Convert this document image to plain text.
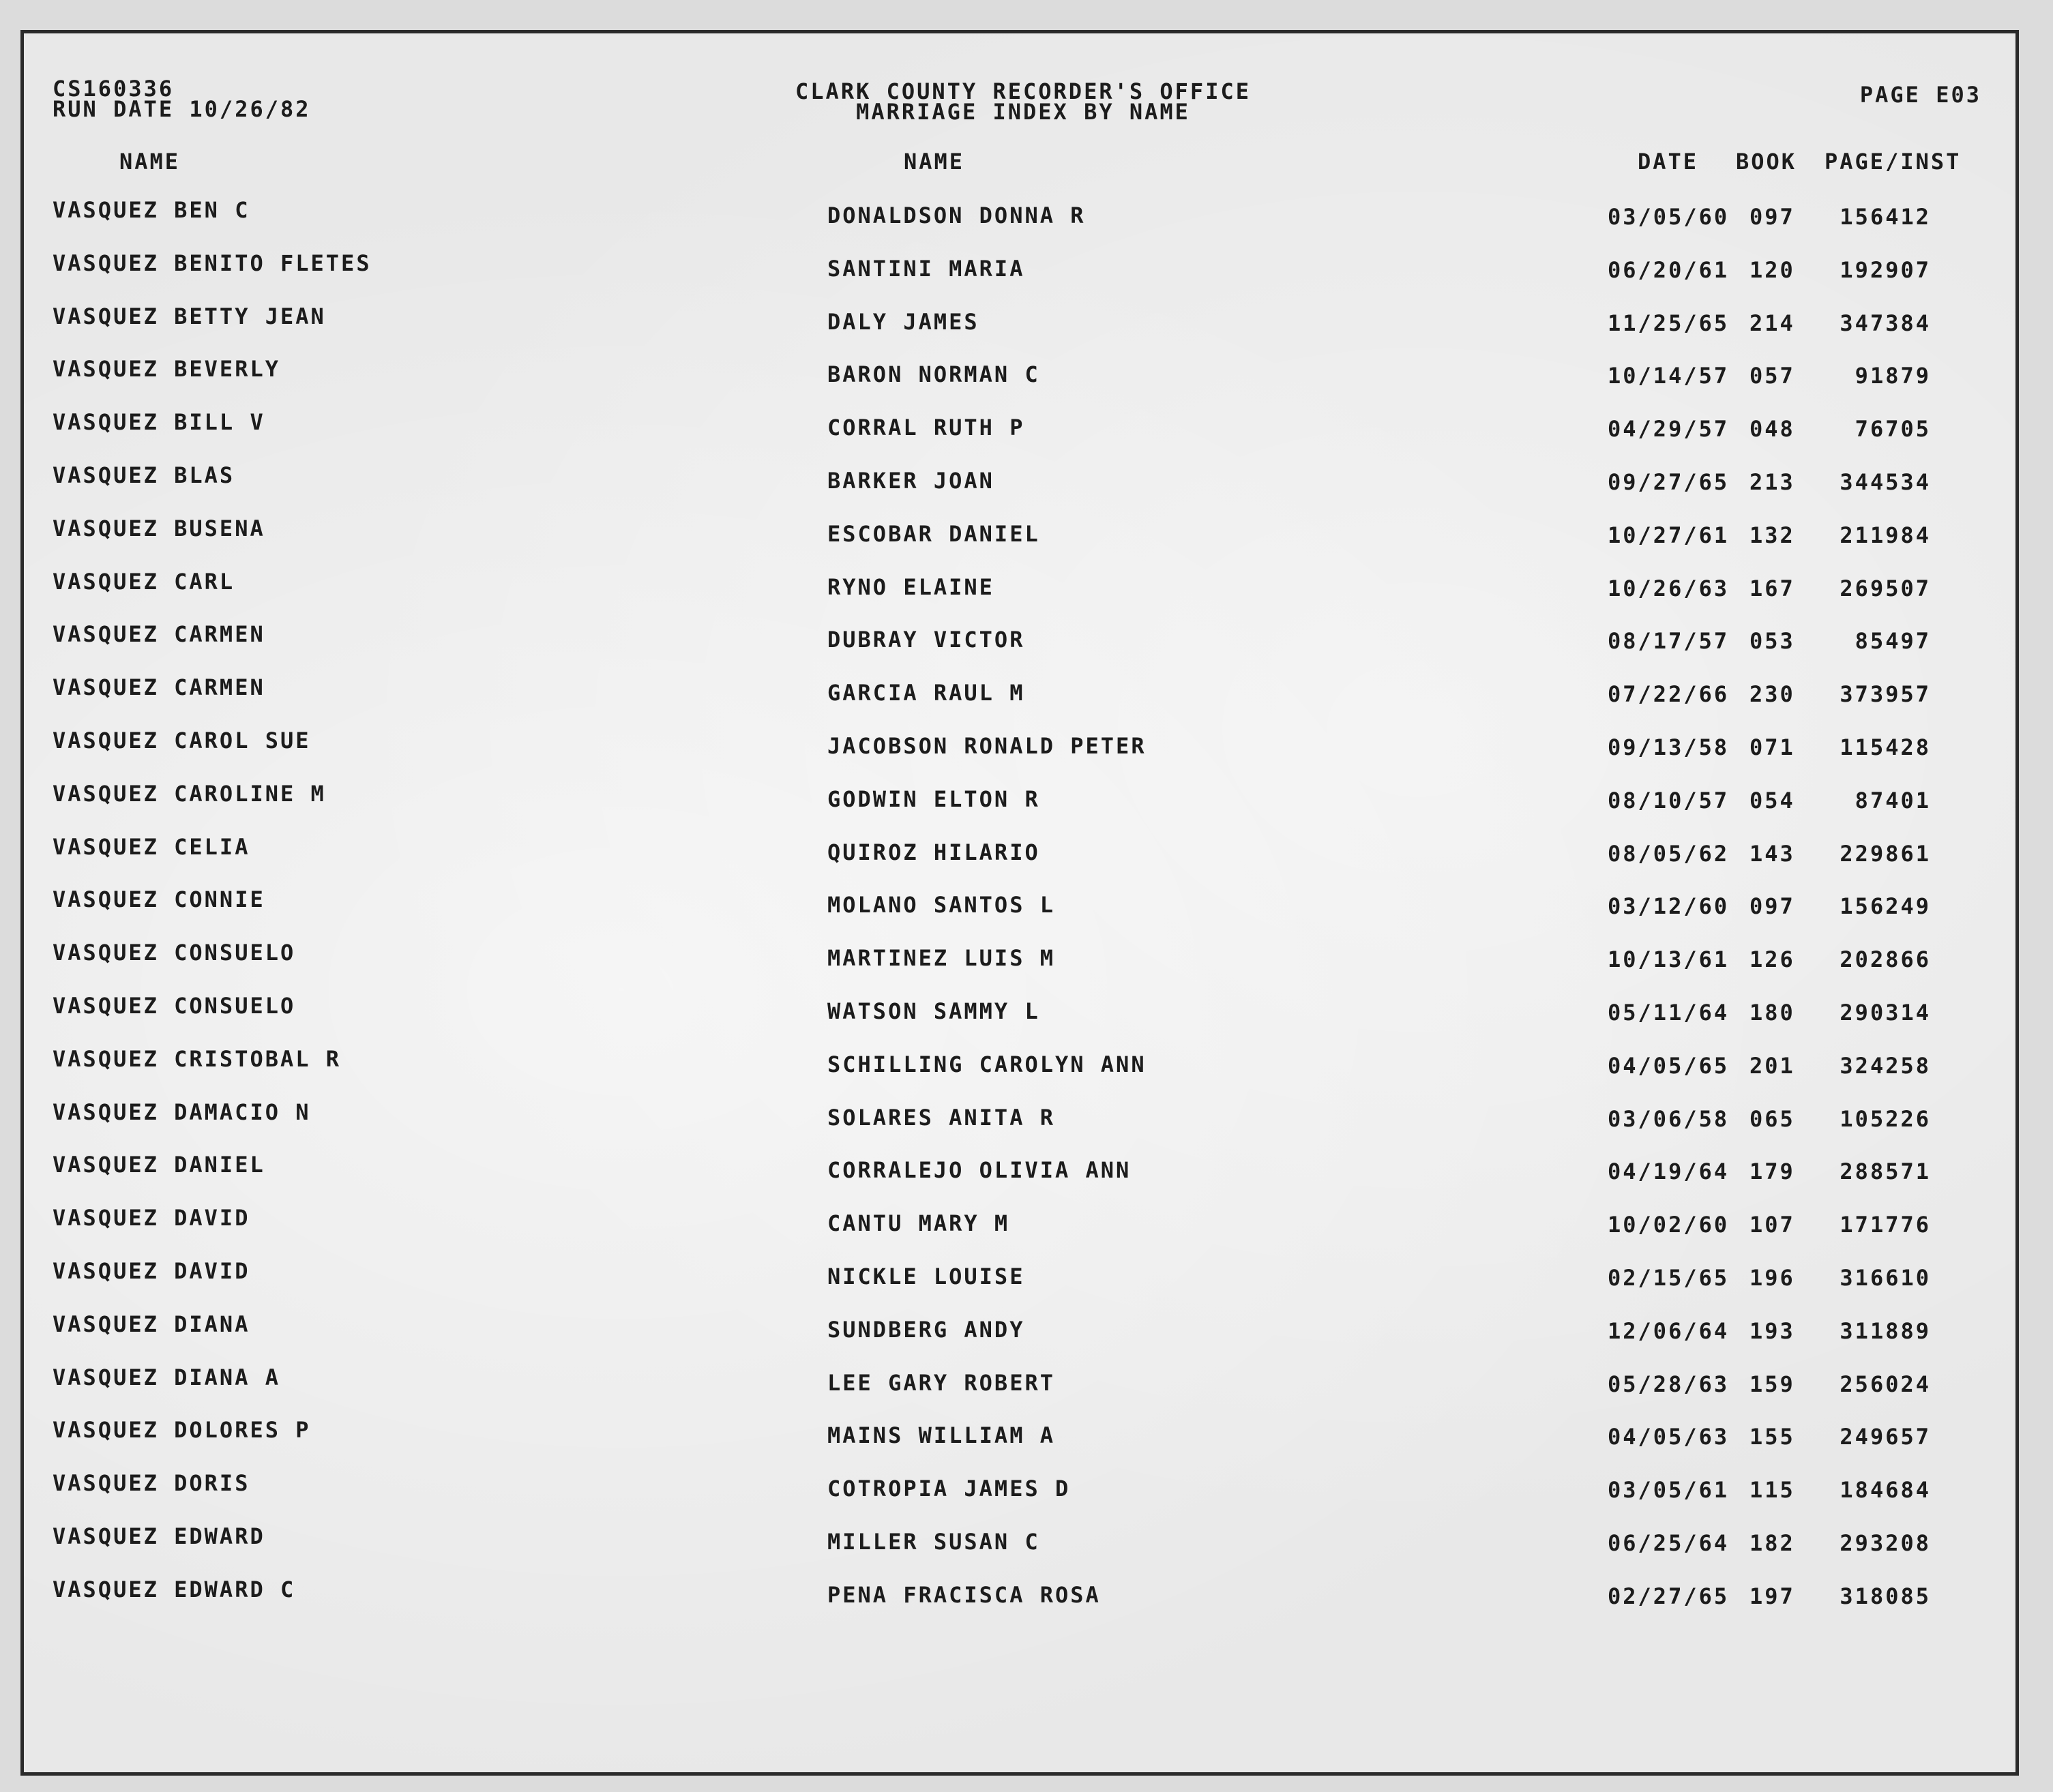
CS160336
RUN DATE 10/26/82
CLARK COUNTY RECORDER'S OFFICE
MARRIAGE INDEX BY NAME
PAGE E03
NAME	NAME	DATE BOOK PAGE/INST
VASQUEZ BEN C	DONALDSON DONNA R	03/05/60 097	156412
VASQUEZ BENITO FLETES	SANTINI MARIA	06/20/61 120	192907
VASQUEZ BETTY JEAN	DALY JAMES	11/25/65 214	347384
VASQUEZ BEVERLY	BARON NORMAN C	10/14/57 057	91879
VASQUEZ BILL V	CORRAL RUTH P	04/29/57 048	76705
VASQUEZ BLAS	BARKER JOAN	09/27/65 213	344534
VASQUEZ BUSENA	ESCOBAR DANIEL	10/27/61 132	211984
VASQUEZ CARL	RYNO ELAINE	10/26/63 167	269507
VASQUEZ CARMEN	DUBRAY VICTOR	08/17/57 053	85497
VASQUEZ CARMEN	GARCIA RAUL M	07/22/66 230	373957
VASQUEZ CAROL SUE	JACOBSON RONALD PETER	09/13/58 071	115428
VASQUEZ CAROLINE M	GODWIN ELTON R	08/10/57 054	87401
VASQUEZ CELIA	QUIROZ HILARIO	08/05/62 143	229861
VASQUEZ CONNIE	MOLANO SANTOS L	03/12/60 097	156249
VASQUEZ CONSUELO	MARTINEZ LUIS M	10/13/61 126	202866
VASQUEZ CONSUELO	WATSON SAMMY L	05/11/64 180	290314
VASQUEZ CRISTOBAL R	SCHILLING CAROLYN ANN	04/05/65 201	324258
VASQUEZ DAMACIO N	SOLARES ANITA R	03/06/58 065	105226
VASQUEZ DANIEL	CORRALEJO OLIVIA ANN	04/19/64 179	288571
VASQUEZ DAVID	CANTU MARY M	10/02/60 107	171776
VASQUEZ DAVID	NICKLE LOUISE	02/15/65 196	316610
VASQUEZ DIANA	SUNDBERG ANDY	12/06/64 193	311889
VASQUEZ DIANA A	LEE GARY ROBERT	05/28/63 159	256024
VASQUEZ DOLORES P	MAINS WILLIAM A	04/05/63 155	249657
VASQUEZ DORIS	COTROPIA JAMES D	03/05/61 115	184684
VASQUEZ EDWARD	MILLER SUSAN C	06/25/64 182	293208
VASQUEZ EDWARD C	PENA FRACISCA ROSA	02/27/65 197	318085
